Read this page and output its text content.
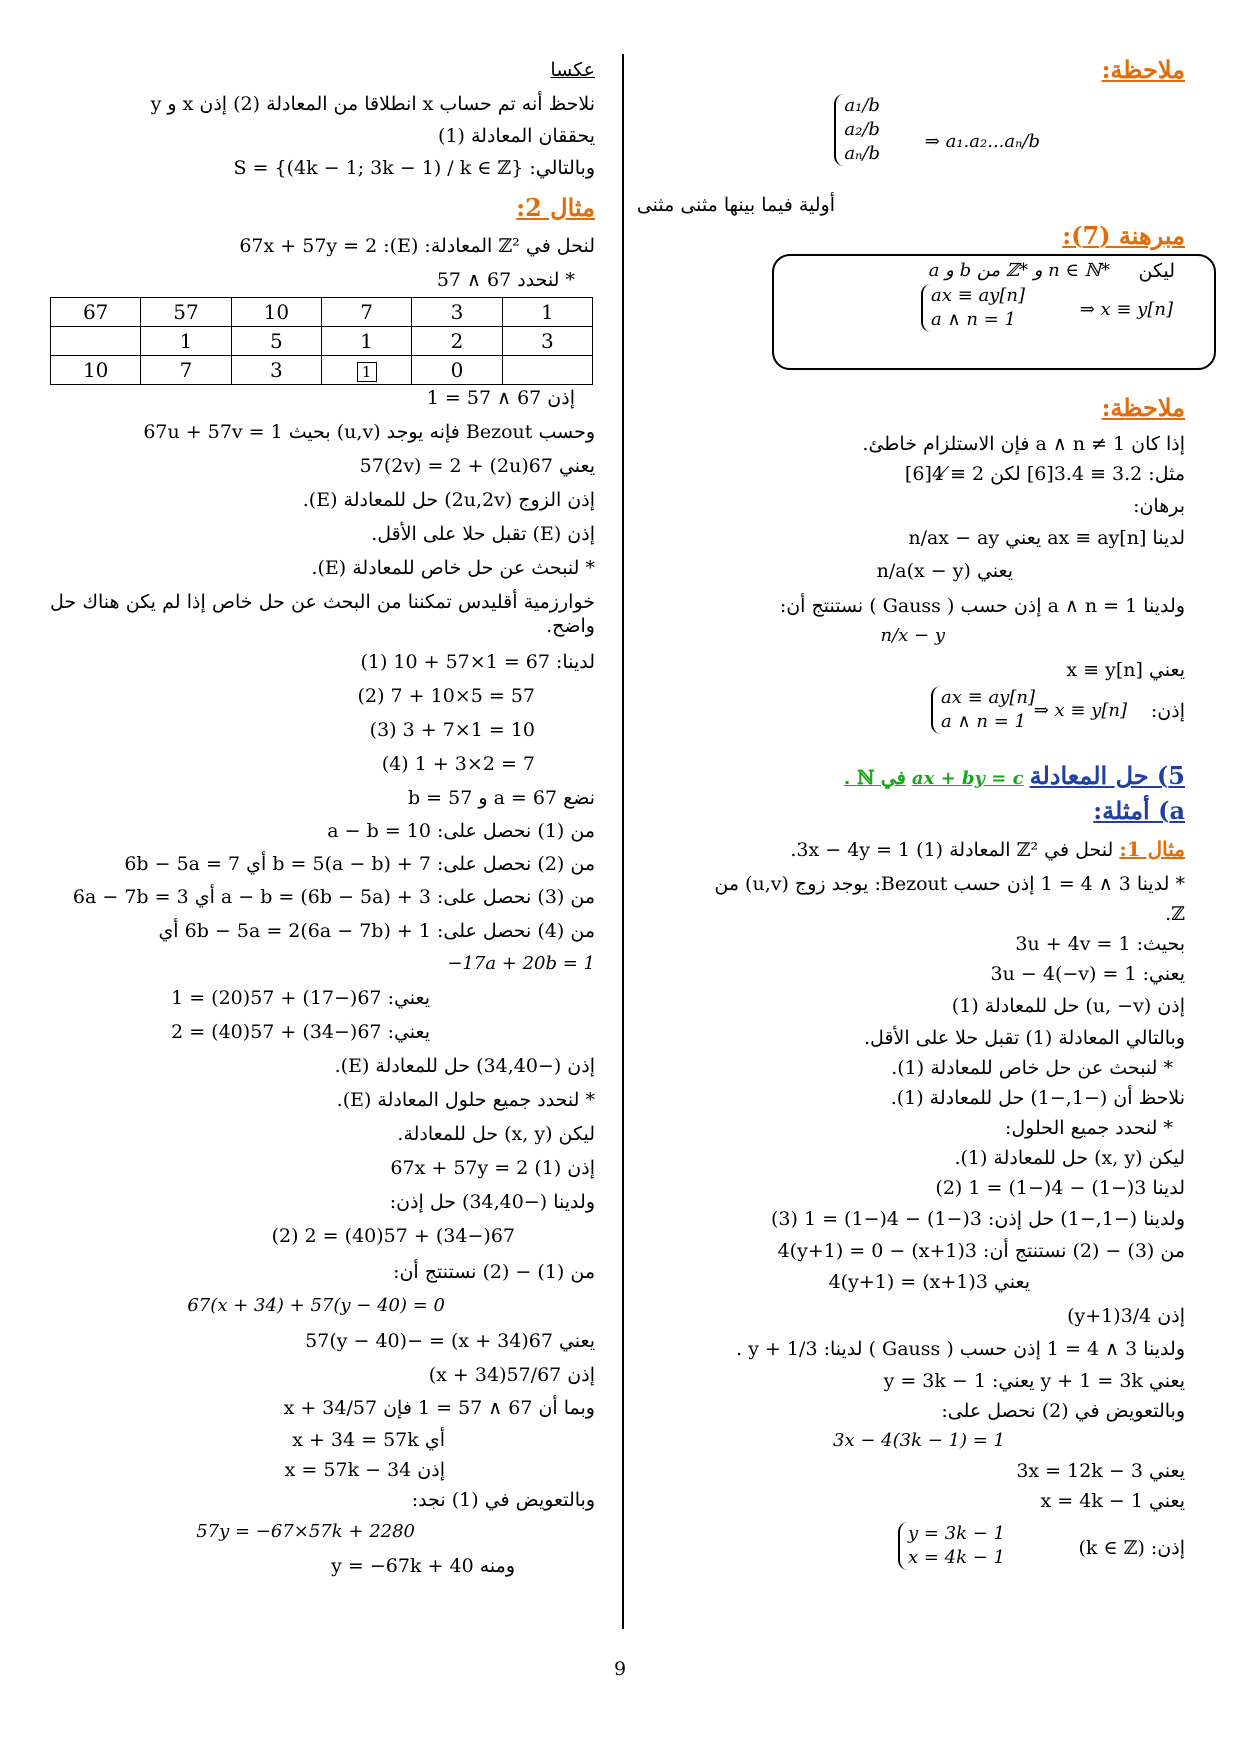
ملاحظة:
a₁/b
a₂/b
aₙ/b
⇒ a₁.a₂...aₙ/b
أولية فيما بينها مثنى مثنى
مبرهنة (7):
ليكن
a و b من ℤ* و n ∈ ℕ*
ax ≡ ay[n]
a ∧ n = 1	⇒ x ≡ y[n]
ملاحظة:
إذا كان a ∧ n ≠ 1 فإن الاستلزام خاطئ.
مثل: 3.2 ≡ 3.4[6] لكن 2 ≢ 4[6]
برهان:
لدينا ax ≡ ay[n] يعني n/ax − ay
يعني n/a(x − y)
ولدينا a ∧ n = 1 إذن حسب ( Gauss ) نستنتج أن:
n/x − y
يعني x ≡ y[n]
إذن:
ax ≡ ay[n]
a ∧ n = 1
⇒ x ≡ y[n]
5) حل المعادلة ax + by = c في ℕ .
a) أمثلة:
مثال 1: لنحل في ℤ² المعادلة 3x − 4y = 1 (1).
* لدينا 3 ∧ 4 = 1 إذن حسب Bezout: يوجد زوج (u,v) من
ℤ.
بحيث: 3u + 4v = 1
يعني: 3u − 4(−v) = 1
إذن (u, −v) حل للمعادلة (1)
وبالتالي المعادلة (1) تقبل حلا على الأقل.
* لنبحث عن حل خاص للمعادلة (1).
نلاحظ أن (−1,−1) حل للمعادلة (1).
* لنحدد جميع الحلول:
ليكن (x, y) حل للمعادلة (1).
لدينا 3(−1) − 4(−1) = 1 (2)
ولدينا (−1,−1) حل إذن: 3(−1) − 4(−1) = 1 (3)
من (3) − (2) نستنتج أن: 3(x+1) − 4(y+1) = 0
يعني 3(x+1) = 4(y+1)
إذن 3/4(y+1)
ولدينا 3 ∧ 4 = 1 إذن حسب ( Gauss ) لدينا: 3/y + 1 .
يعني y + 1 = 3k يعني: y = 3k − 1
وبالتعويض في (2) نحصل على:
3x − 4(3k − 1) = 1
يعني 3x = 12k − 3
يعني x = 4k − 1
إذن: (k ∈ ℤ)
y = 3k − 1
x = 4k − 1
عكسا
نلاحظ أنه تم حساب x انطلاقا من المعادلة (2) إذن x و y
يحققان المعادلة (1)
وبالتالي: S = {(4k − 1; 3k − 1) / k ∈ ℤ}
مثال 2:
لنحل في ℤ² المعادلة: (E): 67x + 57y = 2
* لنحدد 67 ∧ 57
67	57	10	7	3	1
	1	5	1	2	3
10	7	3	1	0	
إذن 67 ∧ 57 = 1
وحسب Bezout فإنه يوجد (u,v) بحيث 67u + 57v = 1
يعني 67(2u) + 57(2v) = 2
إذن الزوج (2u,2v) حل للمعادلة (E).
إذن (E) تقبل حلا على الأقل.
* لنبحث عن حل خاص للمعادلة (E).
خوارزمية أقليدس تمكننا من البحث عن حل خاص إذا لم يكن هناك حل واضح.
لدينا: 67 = 1×57 + 10 (1)
57 = 5×10 + 7 (2)
10 = 1×7 + 3 (3)
7 = 2×3 + 1 (4)
نضع a = 67 و b = 57
من (1) نحصل على: 10 = a − b
من (2) نحصل على: b = 5(a − b) + 7 أي 7 = 6b − 5a
من (3) نحصل على: a − b = (6b − 5a) + 3 أي 3 = 6a − 7b
من (4) نحصل على: 6b − 5a = 2(6a − 7b) + 1 أي
−17a + 20b = 1
يعني: 67(−17) + 57(20) = 1
يعني: 67(−34) + 57(40) = 2
إذن (−34,40) حل للمعادلة (E).
* لنحدد جميع حلول المعادلة (E).
ليكن (x, y) حل للمعادلة.
إذن 67x + 57y = 2 (1)
ولدينا (−34,40) حل إذن:
67(−34) + 57(40) = 2 (2)
من (1) − (2) نستنتج أن:
67(x + 34) + 57(y − 40) = 0
يعني 67(x + 34) = −57(y − 40)
إذن 57/67(x + 34)
وبما أن 67 ∧ 57 = 1 فإن 57/x + 34
أي x + 34 = 57k
إذن x = 57k − 34
وبالتعويض في (1) نجد:
57y = −67×57k + 2280
ومنه y = −67k + 40
9
